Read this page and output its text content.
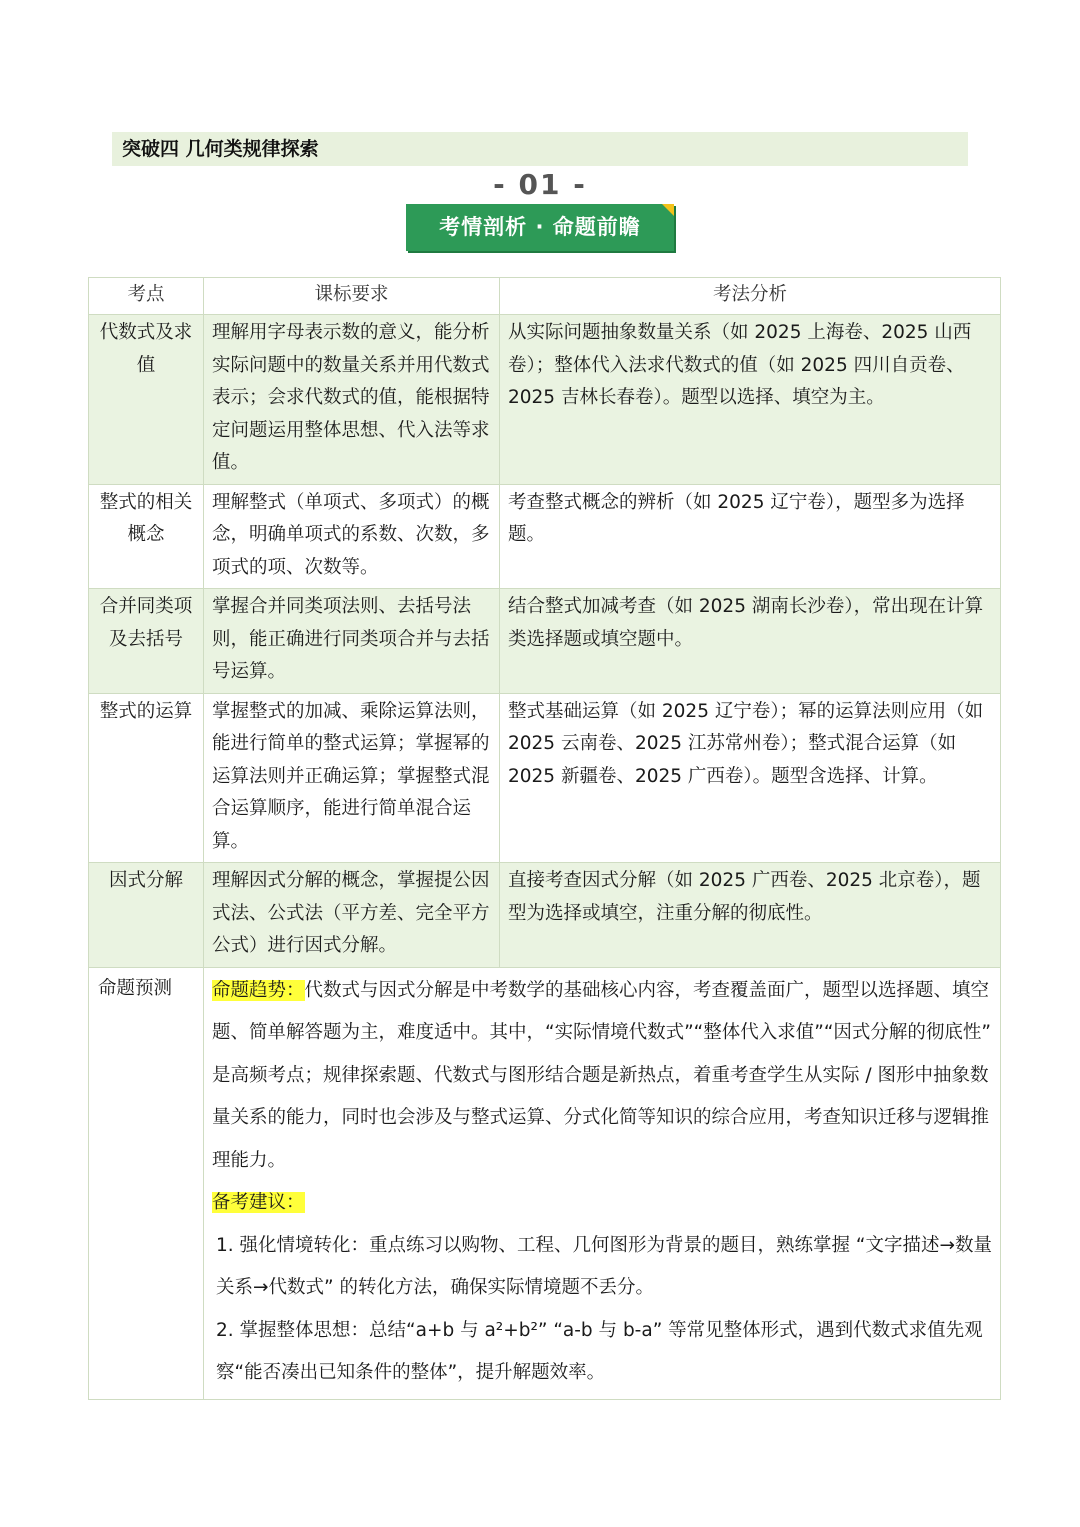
突破四 几何类规律探索
- 01 -
考情剖析 · 命题前瞻
考点	课标要求	考法分析
代数式及求值	理解用字母表示数的意义，能分析实际问题中的数量关系并用代数式表示；会求代数式的值，能根据特定问题运用整体思想、代入法等求值。	从实际问题抽象数量关系（如 2025 上海卷、2025 山西卷）；整体代入法求代数式的值（如 2025 四川自贡卷、2025 吉林长春卷）。题型以选择、填空为主。
整式的相关概念	理解整式（单项式、多项式）的概念，明确单项式的系数、次数，多项式的项、次数等。	考查整式概念的辨析（如 2025 辽宁卷），题型多为选择题。
合并同类项及去括号	掌握合并同类项法则、去括号法则，能正确进行同类项合并与去括号运算。	结合整式加减考查（如 2025 湖南长沙卷），常出现在计算类选择题或填空题中。
整式的运算	掌握整式的加减、乘除运算法则，能进行简单的整式运算；掌握幂的运算法则并正确运算；掌握整式混合运算顺序，能进行简单混合运算。	整式基础运算（如 2025 辽宁卷）；幂的运算法则应用（如 2025 云南卷、2025 江苏常州卷）；整式混合运算（如 2025 新疆卷、2025 广西卷）。题型含选择、计算。
因式分解	理解因式分解的概念，掌握提公因式法、公式法（平方差、完全平方公式）进行因式分解。	直接考查因式分解（如 2025 广西卷、2025 北京卷），题型为选择或填空，注重分解的彻底性。
命题预测	命题趋势：代数式与因式分解是中考数学的基础核心内容，考查覆盖面广，题型以选择题、填空题、简单解答题为主，难度适中。其中，“实际情境代数式”“整体代入求值”“因式分解的彻底性” 是高频考点；规律探索题、代数式与图形结合题是新热点，着重考查学生从实际 / 图形中抽象数量关系的能力，同时也会涉及与整式运算、分式化简等知识的综合应用，考查知识迁移与逻辑推理能力。

备考建议：

1. 强化情境转化：重点练习以购物、工程、几何图形为背景的题目，熟练掌握 “文字描述→数量关系→代数式” 的转化方法，确保实际情境题不丢分。

2. 掌握整体思想：总结“a+b 与 a²+b²” “a-b 与 b-a” 等常见整体形式，遇到代数式求值先观察“能否凑出已知条件的整体”，提升解题效率。	
